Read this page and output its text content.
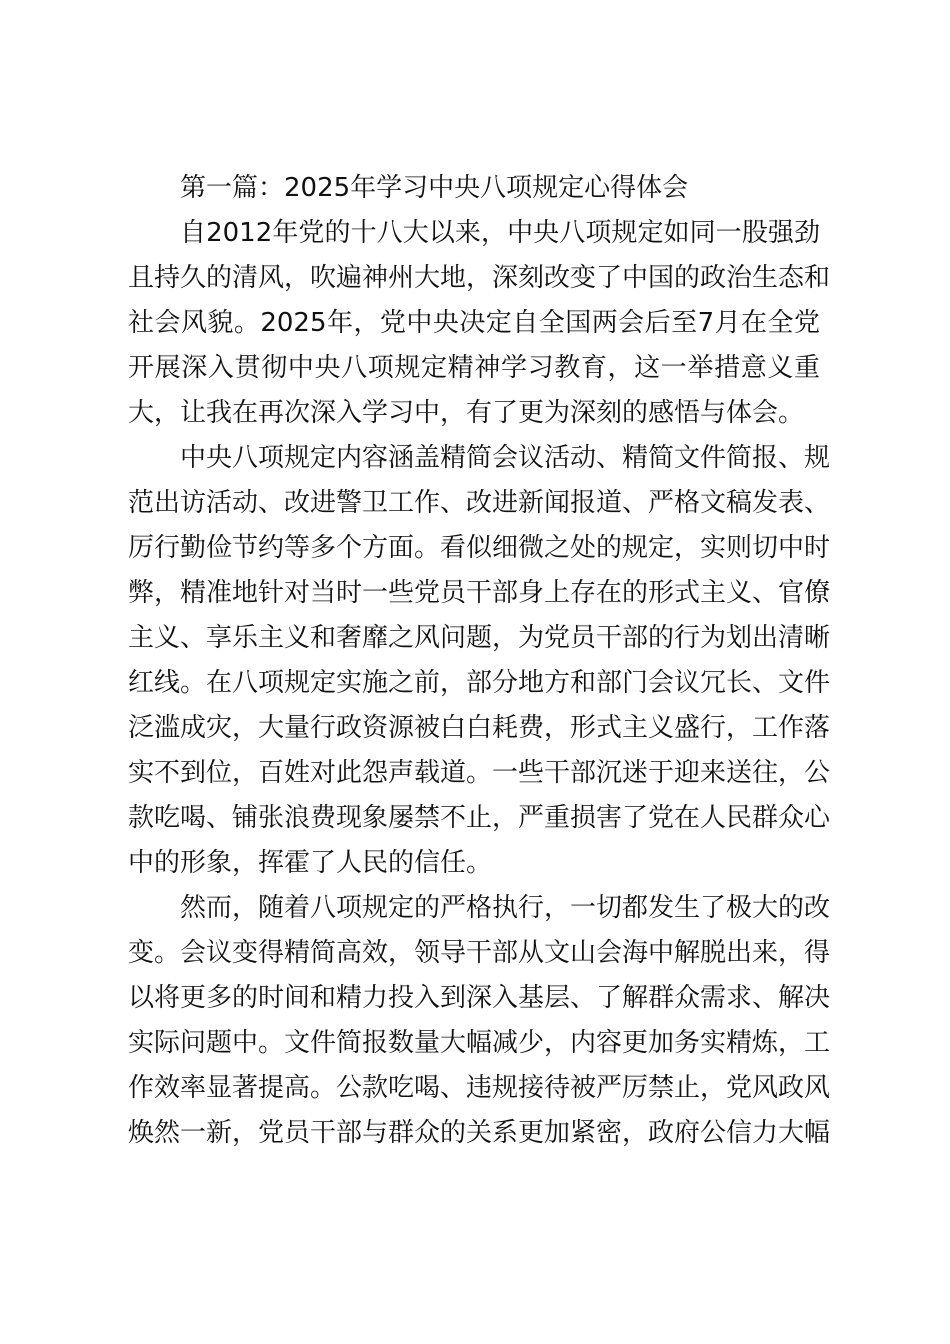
第一篇：2025年学习中央八项规定心得体会

自2012年党的十八大以来，中央八项规定如同一股强劲
且持久的清风，吹遍神州大地，深刻改变了中国的政治生态和
社会风貌。2025年，党中央决定自全国两会后至7月在全党
开展深入贯彻中央八项规定精神学习教育，这一举措意义重
大，让我在再次深入学习中，有了更为深刻的感悟与体会。

中央八项规定内容涵盖精简会议活动、精简文件简报、规
范出访活动、改进警卫工作、改进新闻报道、严格文稿发表、
厉行勤俭节约等多个方面。看似细微之处的规定，实则切中时
弊，精准地针对当时一些党员干部身上存在的形式主义、官僚
主义、享乐主义和奢靡之风问题，为党员干部的行为划出清晰
红线。在八项规定实施之前，部分地方和部门会议冗长、文件
泛滥成灾，大量行政资源被白白耗费，形式主义盛行，工作落
实不到位，百姓对此怨声载道。一些干部沉迷于迎来送往，公
款吃喝、铺张浪费现象屡禁不止，严重损害了党在人民群众心
中的形象，挥霍了人民的信任。

然而，随着八项规定的严格执行，一切都发生了极大的改
变。会议变得精简高效，领导干部从文山会海中解脱出来，得
以将更多的时间和精力投入到深入基层、了解群众需求、解决
实际问题中。文件简报数量大幅减少，内容更加务实精炼，工
作效率显著提高。公款吃喝、违规接待被严厉禁止，党风政风
焕然一新，党员干部与群众的关系更加紧密，政府公信力大幅
